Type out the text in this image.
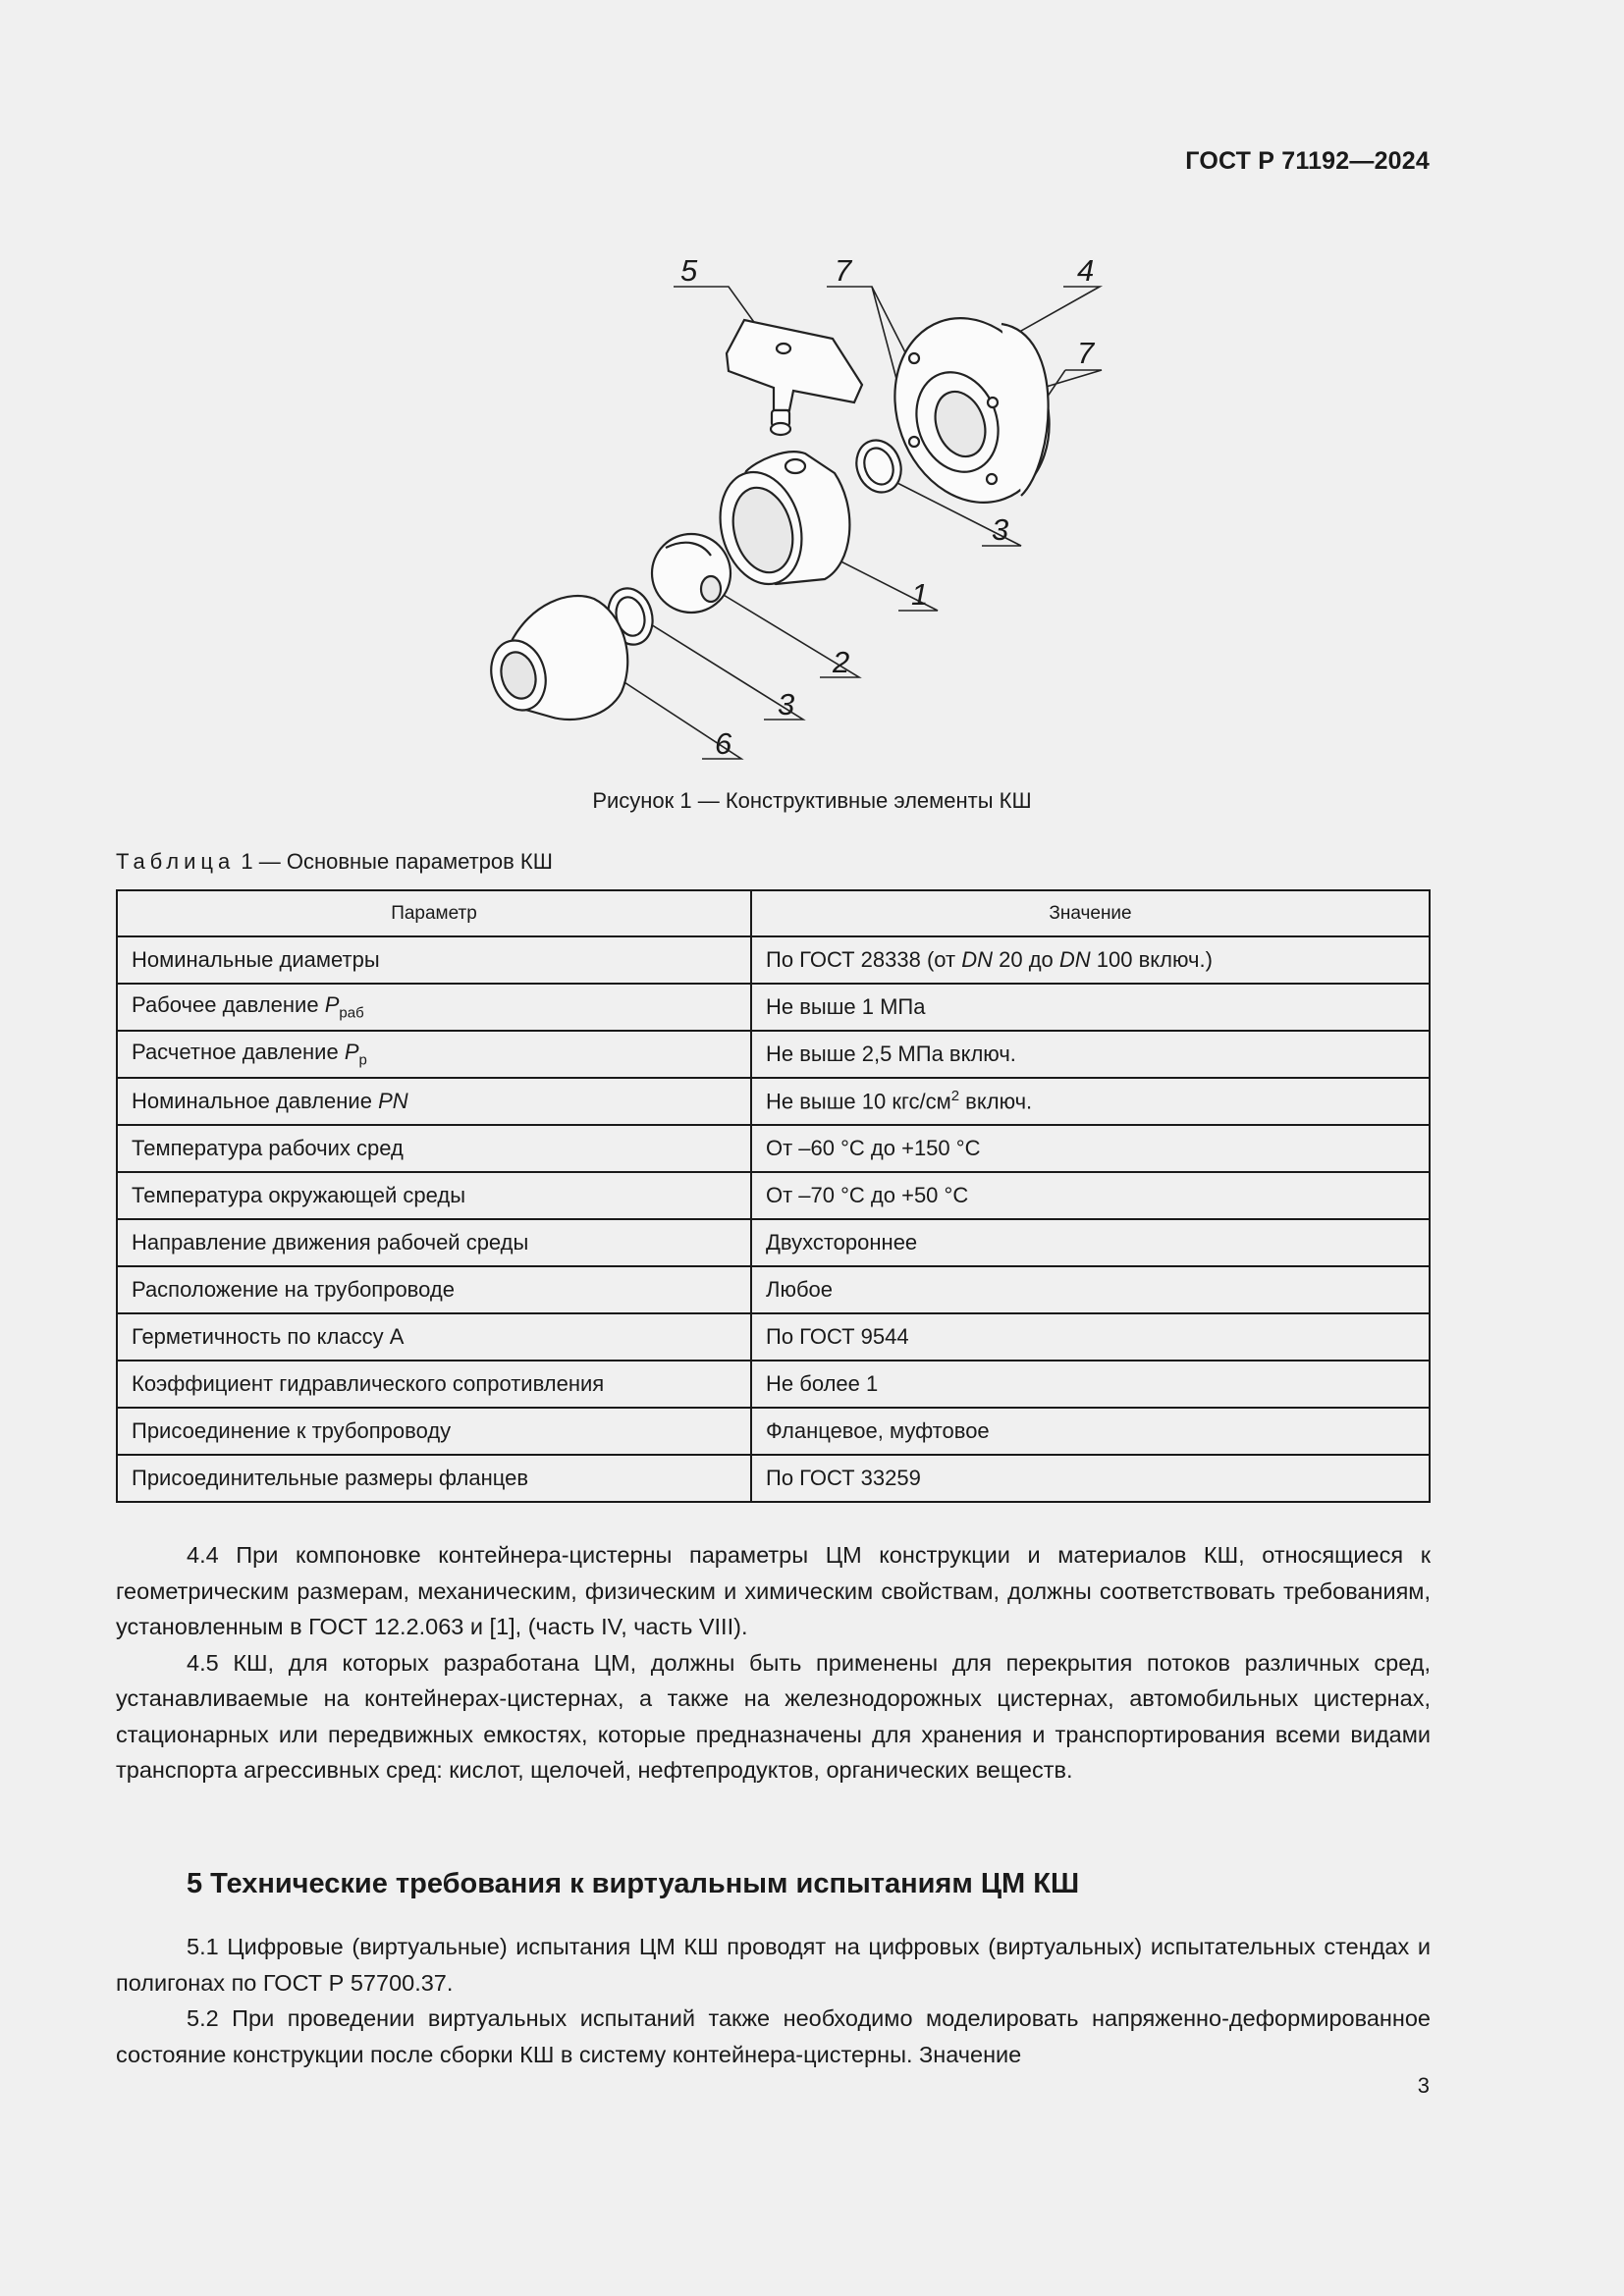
ГОСТ Р 71192—2024
5	7	4
7
3
1
2
3
6
Рисунок 1 — Конструктивные элементы КШ
Таблица 1 — Основные параметров КШ
Параметр	Значение
Номинальные диаметры	По ГОСТ 28338 (от DN 20 до DN 100 включ.)
Рабочее давление $P_{раб}$	Не выше 1 МПа
Расчетное давление $P_р$	Не выше 2,5 МПа включ.
Номинальное давление PN	Не выше 10 кгс/$см^2$ включ.
Температура рабочих сред	От –60 °C до +150 °C
Температура окружающей среды	От –70 °C до +50 °C
Направление движения рабочей среды	Двухстороннее
Расположение на трубопроводе	Любое
Герметичность по классу А	По ГОСТ 9544
Коэффициент гидравлического сопротивления	Не более 1
Присоединение к трубопроводу	Фланцевое, муфтовое
Присоединительные размеры фланцев	По ГОСТ 33259

4.4 При компоновке контейнера-цистерны параметры ЦМ конструкции и материалов КШ, относящиеся к геометрическим размерам, механическим, физическим и химическим свойствам, должны соответствовать требованиям, установленным в ГОСТ 12.2.063 и [1], (часть IV, часть VIII).

4.5 КШ, для которых разработана ЦМ, должны быть применены для перекрытия потоков различных сред, устанавливаемые на контейнерах-цистернах, а также на железнодорожных цистернах, автомобильных цистернах, стационарных или передвижных емкостях, которые предназначены для хранения и транспортирования всеми видами транспорта агрессивных сред: кислот, щелочей, нефтепродуктов, органических веществ.

5 Технические требования к виртуальным испытаниям ЦМ КШ

5.1 Цифровые (виртуальные) испытания ЦМ КШ проводят на цифровых (виртуальных) испытательных стендах и полигонах по ГОСТ Р 57700.37.

5.2 При проведении виртуальных испытаний также необходимо моделировать напряженно-деформированное состояние конструкции после сборки КШ в систему контейнера-цистерны. Значение

3
